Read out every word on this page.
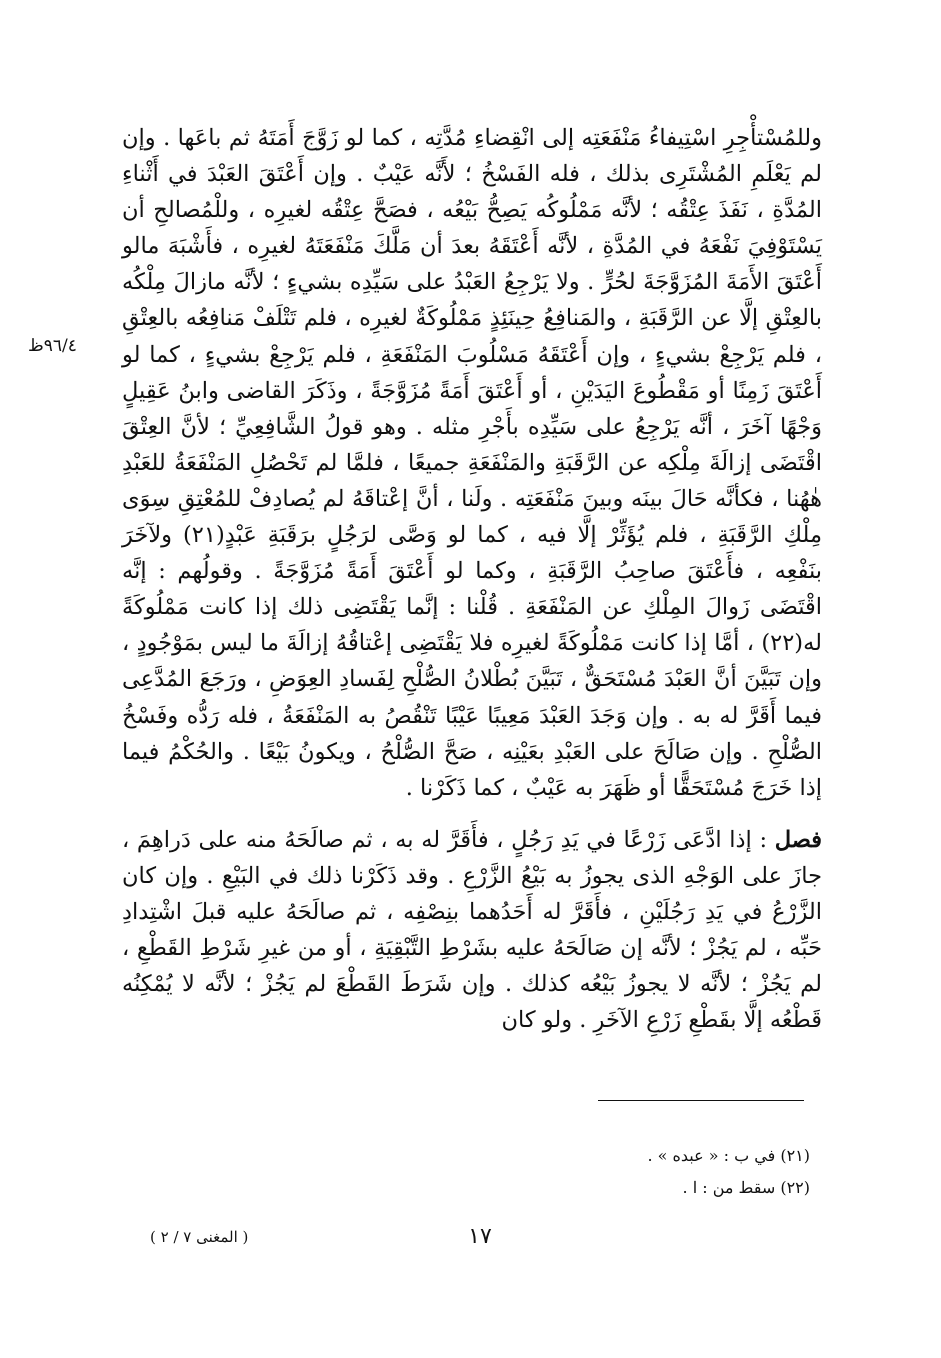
٩٦/٤ظ

وللمُسْتأْجِرِ اسْتِيفاءُ مَنْفَعَتِه إلى انْقِضاءِ مُدَّتِه ، كما لو زَوَّجَ أَمَتَهُ ثم باعَها . وإن لم يَعْلَمِ المُشْتَرِى بذلك ، فله الفَسْخُ ؛ لأَنَّه عَيْبٌ . وإن أَعْتَقَ العَبْدَ في أَثْناءِ المُدَّةِ ، نَفَذَ عِتْقُه ؛ لأنَّه مَمْلُوكُه يَصِحُّ بَيْعُه ، فصَحَّ عِتْقُه لغيرِه ، وللْمُصالحِ أن يَسْتَوْفِيَ نَفْعَهُ في المُدَّةِ ، لأنَّه أَعْتَقَهُ بعدَ أن مَلَّكَ مَنْفَعَتَهُ لغيرِه ، فأَشْبَهَ مالو أَعْتَقَ الأَمَةَ المُزَوَّجَةَ لحُرٍّ . ولا يَرْجِعُ العَبْدُ على سَيِّدِه بشيءٍ ؛ لأنَّه مازالَ مِلْكُه بالعِتْقِ إلَّا عن الرَّقَبَةِ ، والمَنافِعُ حِينَئِذٍ مَمْلُوكَةٌ لغيرِه ، فلم تَتْلَفْ مَنافِعُه بالعِتْقِ ، فلم يَرْجِعْ بشيءٍ ، وإن أَعْتَقَهُ مَسْلُوبَ المَنْفَعَةِ ، فلم يَرْجِعْ بشيءٍ ، كما لو أَعْتَقَ زَمِنًا أو مَقْطُوعَ اليَدَيْنِ ، أو أَعْتَقَ أَمَةً مُزَوَّجَةً ، وذَكَرَ القاضى وابنُ عَقِيلٍ وَجْهًا آخَرَ ، أنَّه يَرْجِعُ على سَيِّدِه بأَجْرِ مثله . وهو قولُ الشَّافِعِيِّ ؛ لأنَّ العِتْقَ اقْتَضَى إزالَةَ مِلْكِه عن الرَّقَبَةِ والمَنْفَعَةِ جميعًا ، فلمَّا لم تَحْصُلِ المَنْفَعَةُ للعَبْدِ هٰهُنا ، فكأنَّه حَالَ بينَه وبينَ مَنْفَعَتِه . ولَنا ، أنَّ إعْتاقَهُ لم يُصادِفْ للمُعْتِقِ سِوَى مِلْكِ الرَّقَبَةِ ، فلم يُؤَثِّرْ إلَّا فيه ، كما لو وَصَّى لرَجُلٍ برَقَبَةِ عَبْدٍ(٢١) ولآخَرَ بنَفْعِه ، فأَعْتَقَ صاحِبُ الرَّقَبَةِ ، وكما لو أَعْتَقَ أَمَةً مُزَوَّجَةً . وقولُهم : إنَّه اقْتَضَى زَوالَ المِلْكِ عن المَنْفَعَةِ . قُلْنا : إنَّما يَقْتَضِى ذلك إذا كانت مَمْلُوكَةً له(٢٢) ، أمَّا إذا كانت مَمْلُوكَةً لغيرِه فلا يَقْتَضِى إعْتاقُهُ إزالَةَ ما ليس بمَوْجُودٍ ، وإن تَبَيَّنَ أنَّ العَبْدَ مُسْتَحَقٌّ ، تَبَيَّنَ بُطْلانُ الصُّلْحِ لِفَسادِ العِوَضِ ، ورَجَعَ المُدَّعِى فيما أَقَرَّ له به . وإن وَجَدَ العَبْدَ مَعِيبًا عَيْبًا تَنْقُصُ به المَنْفَعَةُ ، فله رَدُّه وفَسْخُ الصُّلْحِ . وإن صَالَحَ على العَبْدِ بعَيْنِه ، صَحَّ الصُّلْحُ ، ويكونُ بَيْعًا . والحُكْمُ فيما إذا خَرَجَ مُسْتَحَقًّا أو ظَهَرَ به عَيْبٌ ، كما ذَكَرْنا .

فصل : إذا ادَّعَى زَرْعًا في يَدِ رَجُلٍ ، فأَقَرَّ له به ، ثم صالَحَهُ منه على دَراهِمَ ، جازَ على الوَجْهِ الذى يجوزُ به بَيْعُ الزَّرْعِ . وقد ذَكَرْنا ذلك في البَيْعِ . وإن كان الزَّرْعُ في يَدِ رَجُلَيْنِ ، فأَقَرَّ له أَحَدُهما بنِصْفِه ، ثم صالَحَهُ عليه قبلَ اشْتِدادِ حَبِّه ، لم يَجُزْ ؛ لأنَّه إن صَالَحَهُ عليه بشَرْطِ التَّبْقِيَةِ ، أو من غيرِ شَرْطِ القَطْعِ ، لم يَجُزْ ؛ لأنَّه لا يجوزُ بَيْعُه كذلك . وإن شَرَطَ القَطْعَ لم يَجُزْ ؛ لأنَّه لا يُمْكِنُه قَطْعُه إلَّا بقَطْعِ زَرْعِ الآخَرِ . ولو كان

(٢١) في ب : « عبده » .
(٢٢) سقط من : ا .
١٧
( المغنى ٧ / ٢ )
